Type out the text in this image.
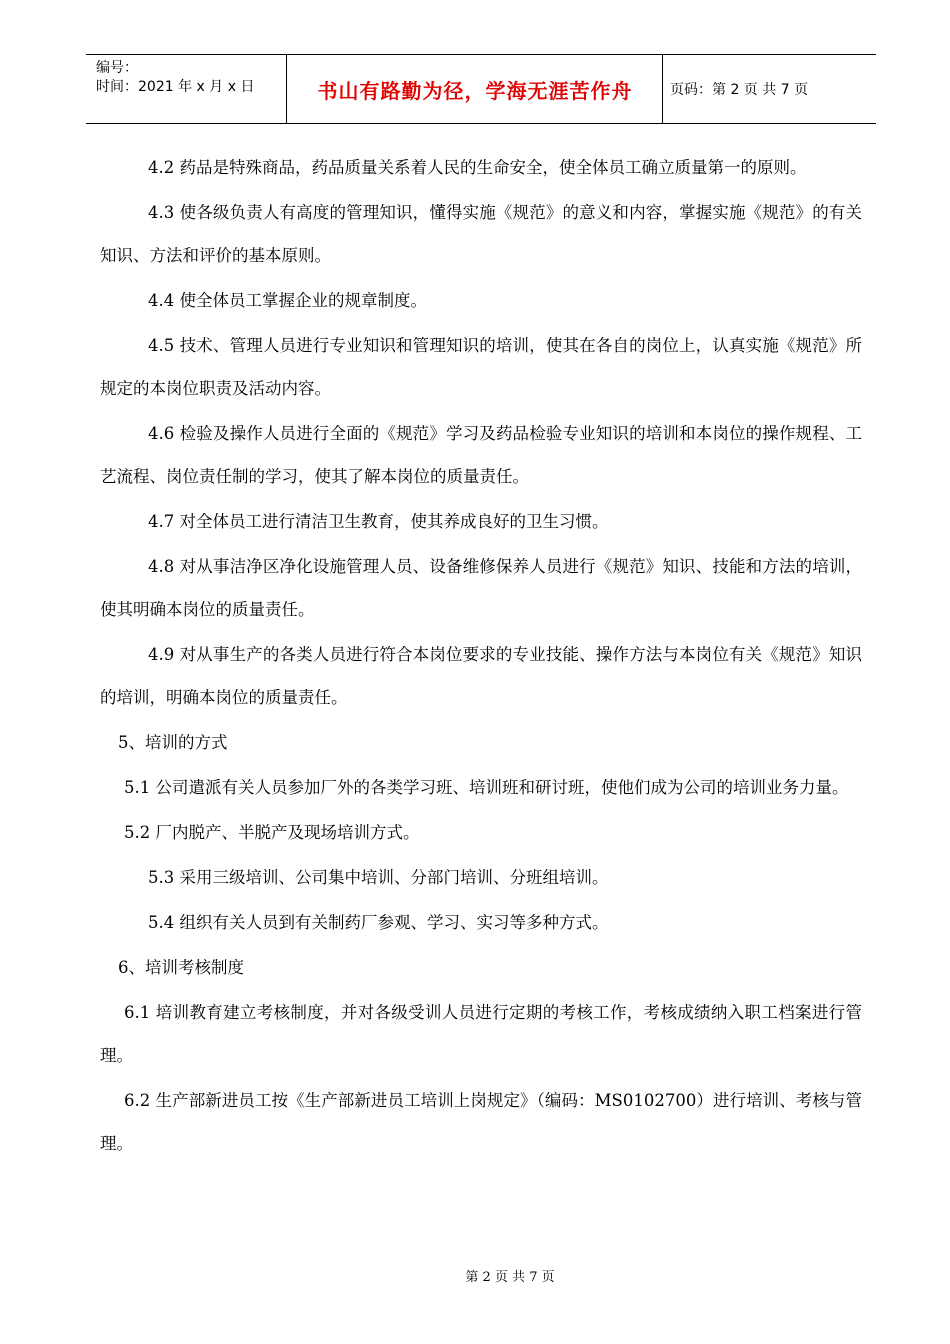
编号：
时间：2021 年 x 月 x 日	书山有路勤为径，学海无涯苦作舟	页码：第 2 页 共 7 页

4.2 药品是特殊商品，药品质量关系着人民的生命安全，使全体员工确立质量第一的原则。

4.3 使各级负责人有高度的管理知识，懂得实施《规范》的意义和内容，掌握实施《规范》的有关知识、方法和评价的基本原则。

4.4 使全体员工掌握企业的规章制度。

4.5 技术、管理人员进行专业知识和管理知识的培训，使其在各自的岗位上，认真实施《规范》所规定的本岗位职责及活动内容。

4.6 检验及操作人员进行全面的《规范》学习及药品检验专业知识的培训和本岗位的操作规程、工艺流程、岗位责任制的学习，使其了解本岗位的质量责任。

4.7 对全体员工进行清洁卫生教育，使其养成良好的卫生习惯。

4.8 对从事洁净区净化设施管理人员、设备维修保养人员进行《规范》知识、技能和方法的培训，使其明确本岗位的质量责任。

4.9 对从事生产的各类人员进行符合本岗位要求的专业技能、操作方法与本岗位有关《规范》知识的培训，明确本岗位的质量责任。

5、培训的方式

5.1 公司遣派有关人员参加厂外的各类学习班、培训班和研讨班，使他们成为公司的培训业务力量。

5.2 厂内脱产、半脱产及现场培训方式。

5.3 采用三级培训、公司集中培训、分部门培训、分班组培训。

5.4 组织有关人员到有关制药厂参观、学习、实习等多种方式。

6、培训考核制度

6.1 培训教育建立考核制度，并对各级受训人员进行定期的考核工作，考核成绩纳入职工档案进行管理。

6.2 生产部新进员工按《生产部新进员工培训上岗规定》（编码：MS0102700）进行培训、考核与管理。

第 2 页 共 7 页
